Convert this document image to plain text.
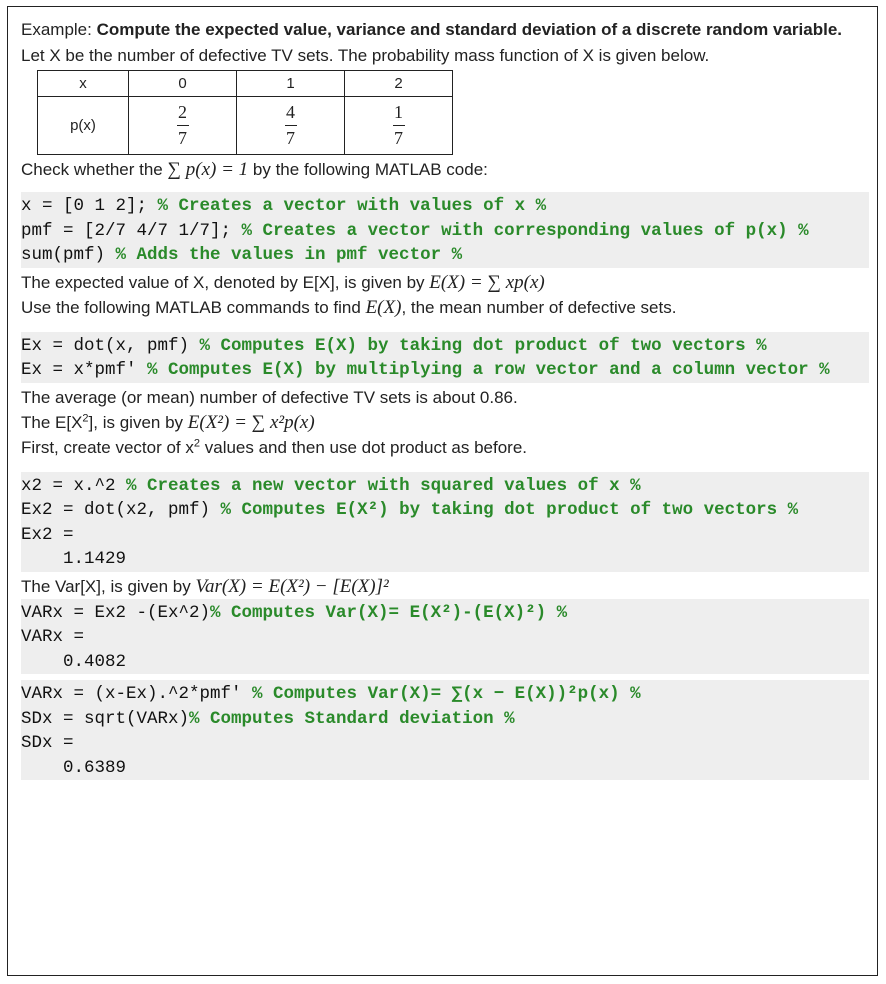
Example: Compute the expected value, variance and standard deviation of a discrete random variable.
Let X be the number of defective TV sets. The probability mass function of X is given below.
x	0	1	2
p(x)	$\frac{2}{7}$	$\frac{4}{7}$	$\frac{1}{7}$
Check whether the ∑ p(x) = 1 by the following MATLAB code:
x = [0 1 2]; % Creates a vector with values of x %
pmf = [2/7 4/7 1/7]; % Creates a vector with corresponding values of p(x) %
sum(pmf) % Adds the values in pmf vector %
The expected value of X, denoted by E[X], is given by E(X) = ∑ xp(x)
Use the following MATLAB commands to find E(X), the mean number of defective sets.
Ex = dot(x, pmf) % Computes E(X) by taking dot product of two vectors %
Ex = x*pmf' % Computes E(X) by multiplying a row vector and a column vector %
The average (or mean) number of defective TV sets is about 0.86.
The $E[X^2]$, is given by E(X²) = ∑ x²p(x)
First, create vector of $x^2$ values and then use dot product as before.
x2 = x.^2 % Creates a new vector with squared values of x %
Ex2 = dot(x2, pmf) % Computes E(X²) by taking dot product of two vectors %
Ex2 =
1.1429
The Var[X], is given by Var(X) = E(X²) − [E(X)]²
VARx = Ex2 -(Ex^2)% Computes Var(X)= E(X²)-(E(X)²) %
VARx =
0.4082
VARx = (x-Ex).^2*pmf' % Computes Var(X)= ∑(x − E(X))²p(x) %
SDx = sqrt(VARx)% Computes Standard deviation %
SDx =
0.6389
